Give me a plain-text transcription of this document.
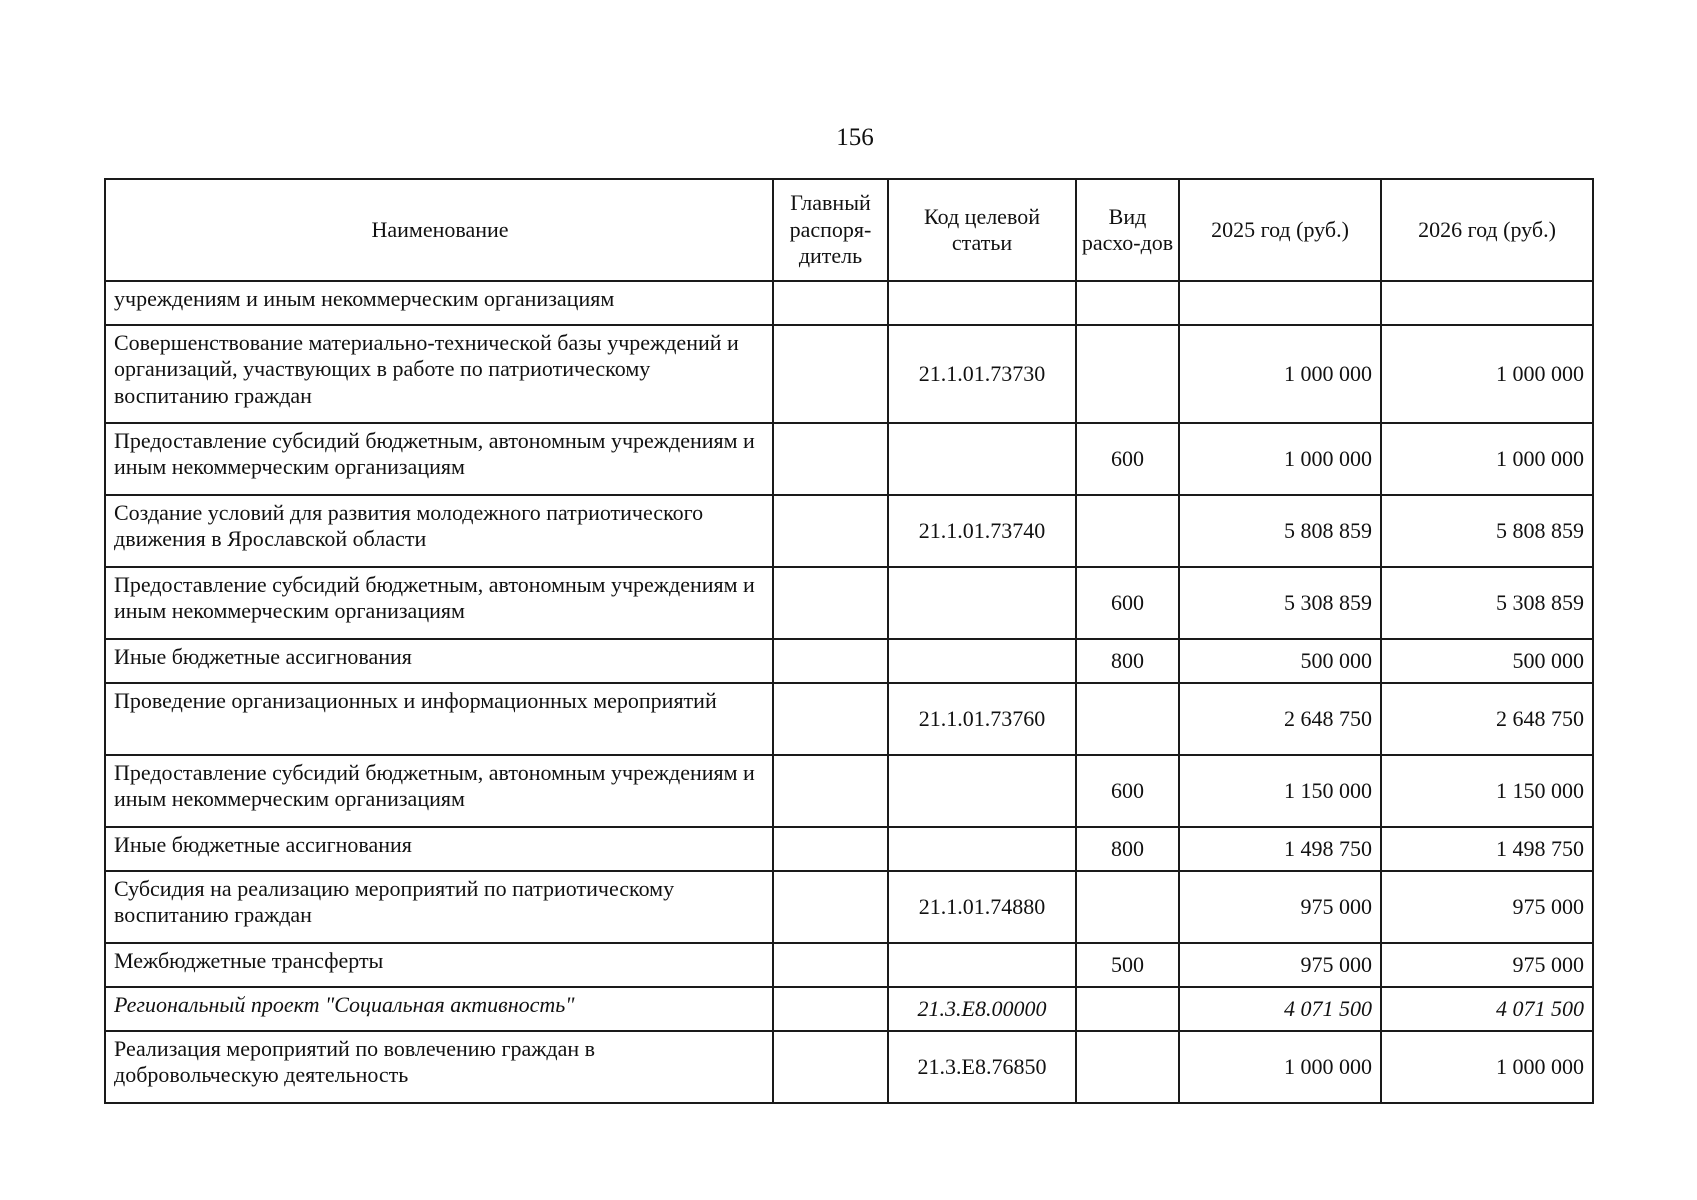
156
Наименование	Главный распоря-дитель	Код целевой статьи	Вид расхо-дов	2025 год (руб.)	2026 год (руб.)
учреждениям и иным некоммерческим организациям					
Совершенствование материально-технической базы учреждений и организаций, участвующих в работе по патриотическому воспитанию граждан		21.1.01.73730		1 000 000	1 000 000
Предоставление субсидий бюджетным, автономным учреждениям и иным некоммерческим организациям			600	1 000 000	1 000 000
Создание условий для развития молодежного патриотического движения в Ярославской области		21.1.01.73740		5 808 859	5 808 859
Предоставление субсидий бюджетным, автономным учреждениям и иным некоммерческим организациям			600	5 308 859	5 308 859
Иные бюджетные ассигнования			800	500 000	500 000
Проведение организационных и информационных мероприятий		21.1.01.73760		2 648 750	2 648 750
Предоставление субсидий бюджетным, автономным учреждениям и иным некоммерческим организациям			600	1 150 000	1 150 000
Иные бюджетные ассигнования			800	1 498 750	1 498 750
Субсидия на реализацию мероприятий по патриотическому воспитанию граждан		21.1.01.74880		975 000	975 000
Межбюджетные трансферты			500	975 000	975 000
Региональный проект "Социальная активность"		21.3.E8.00000		4 071 500	4 071 500
Реализация мероприятий по вовлечению граждан в добровольческую деятельность		21.3.E8.76850		1 000 000	1 000 000
